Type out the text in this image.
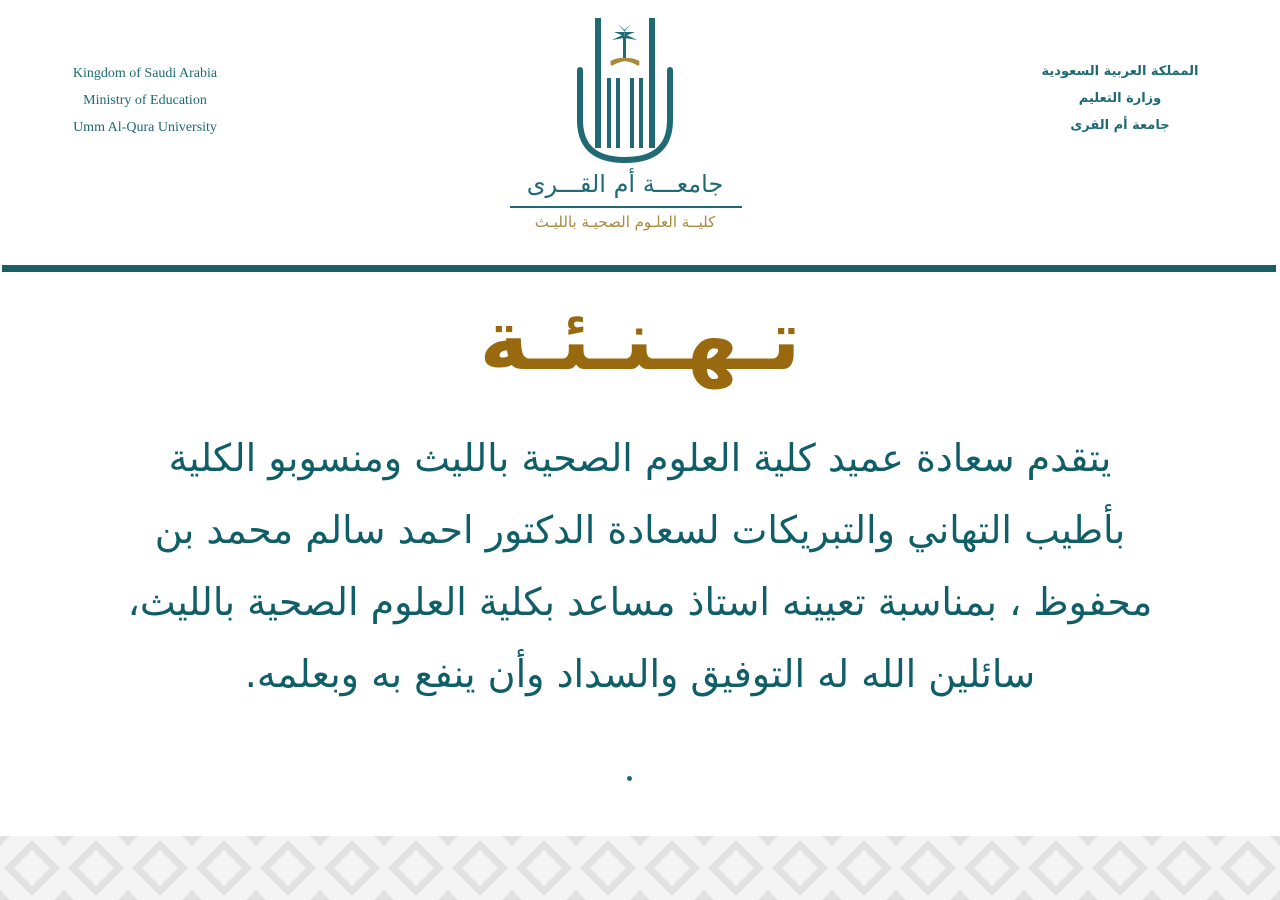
Kingdom of Saudi Arabia
Ministry of Education
Umm Al-Qura University
جامعـــة أم القـــرى
كليــة العلـوم الصحيـة بالليـث
المملكة العربية السعودية
وزارة التعليم
جامعة أم القرى
تـهـنـئـة
يتقدم سعادة عميد كلية العلوم الصحية بالليث ومنسوبو الكلية
بأطيب التهاني والتبريكات لسعادة الدكتور احمد سالم محمد بن
محفوظ ، بمناسبة تعيينه استاذ مساعد بكلية العلوم الصحية بالليث،
سائلين الله له التوفيق والسداد وأن ينفع به وبعلمه.
